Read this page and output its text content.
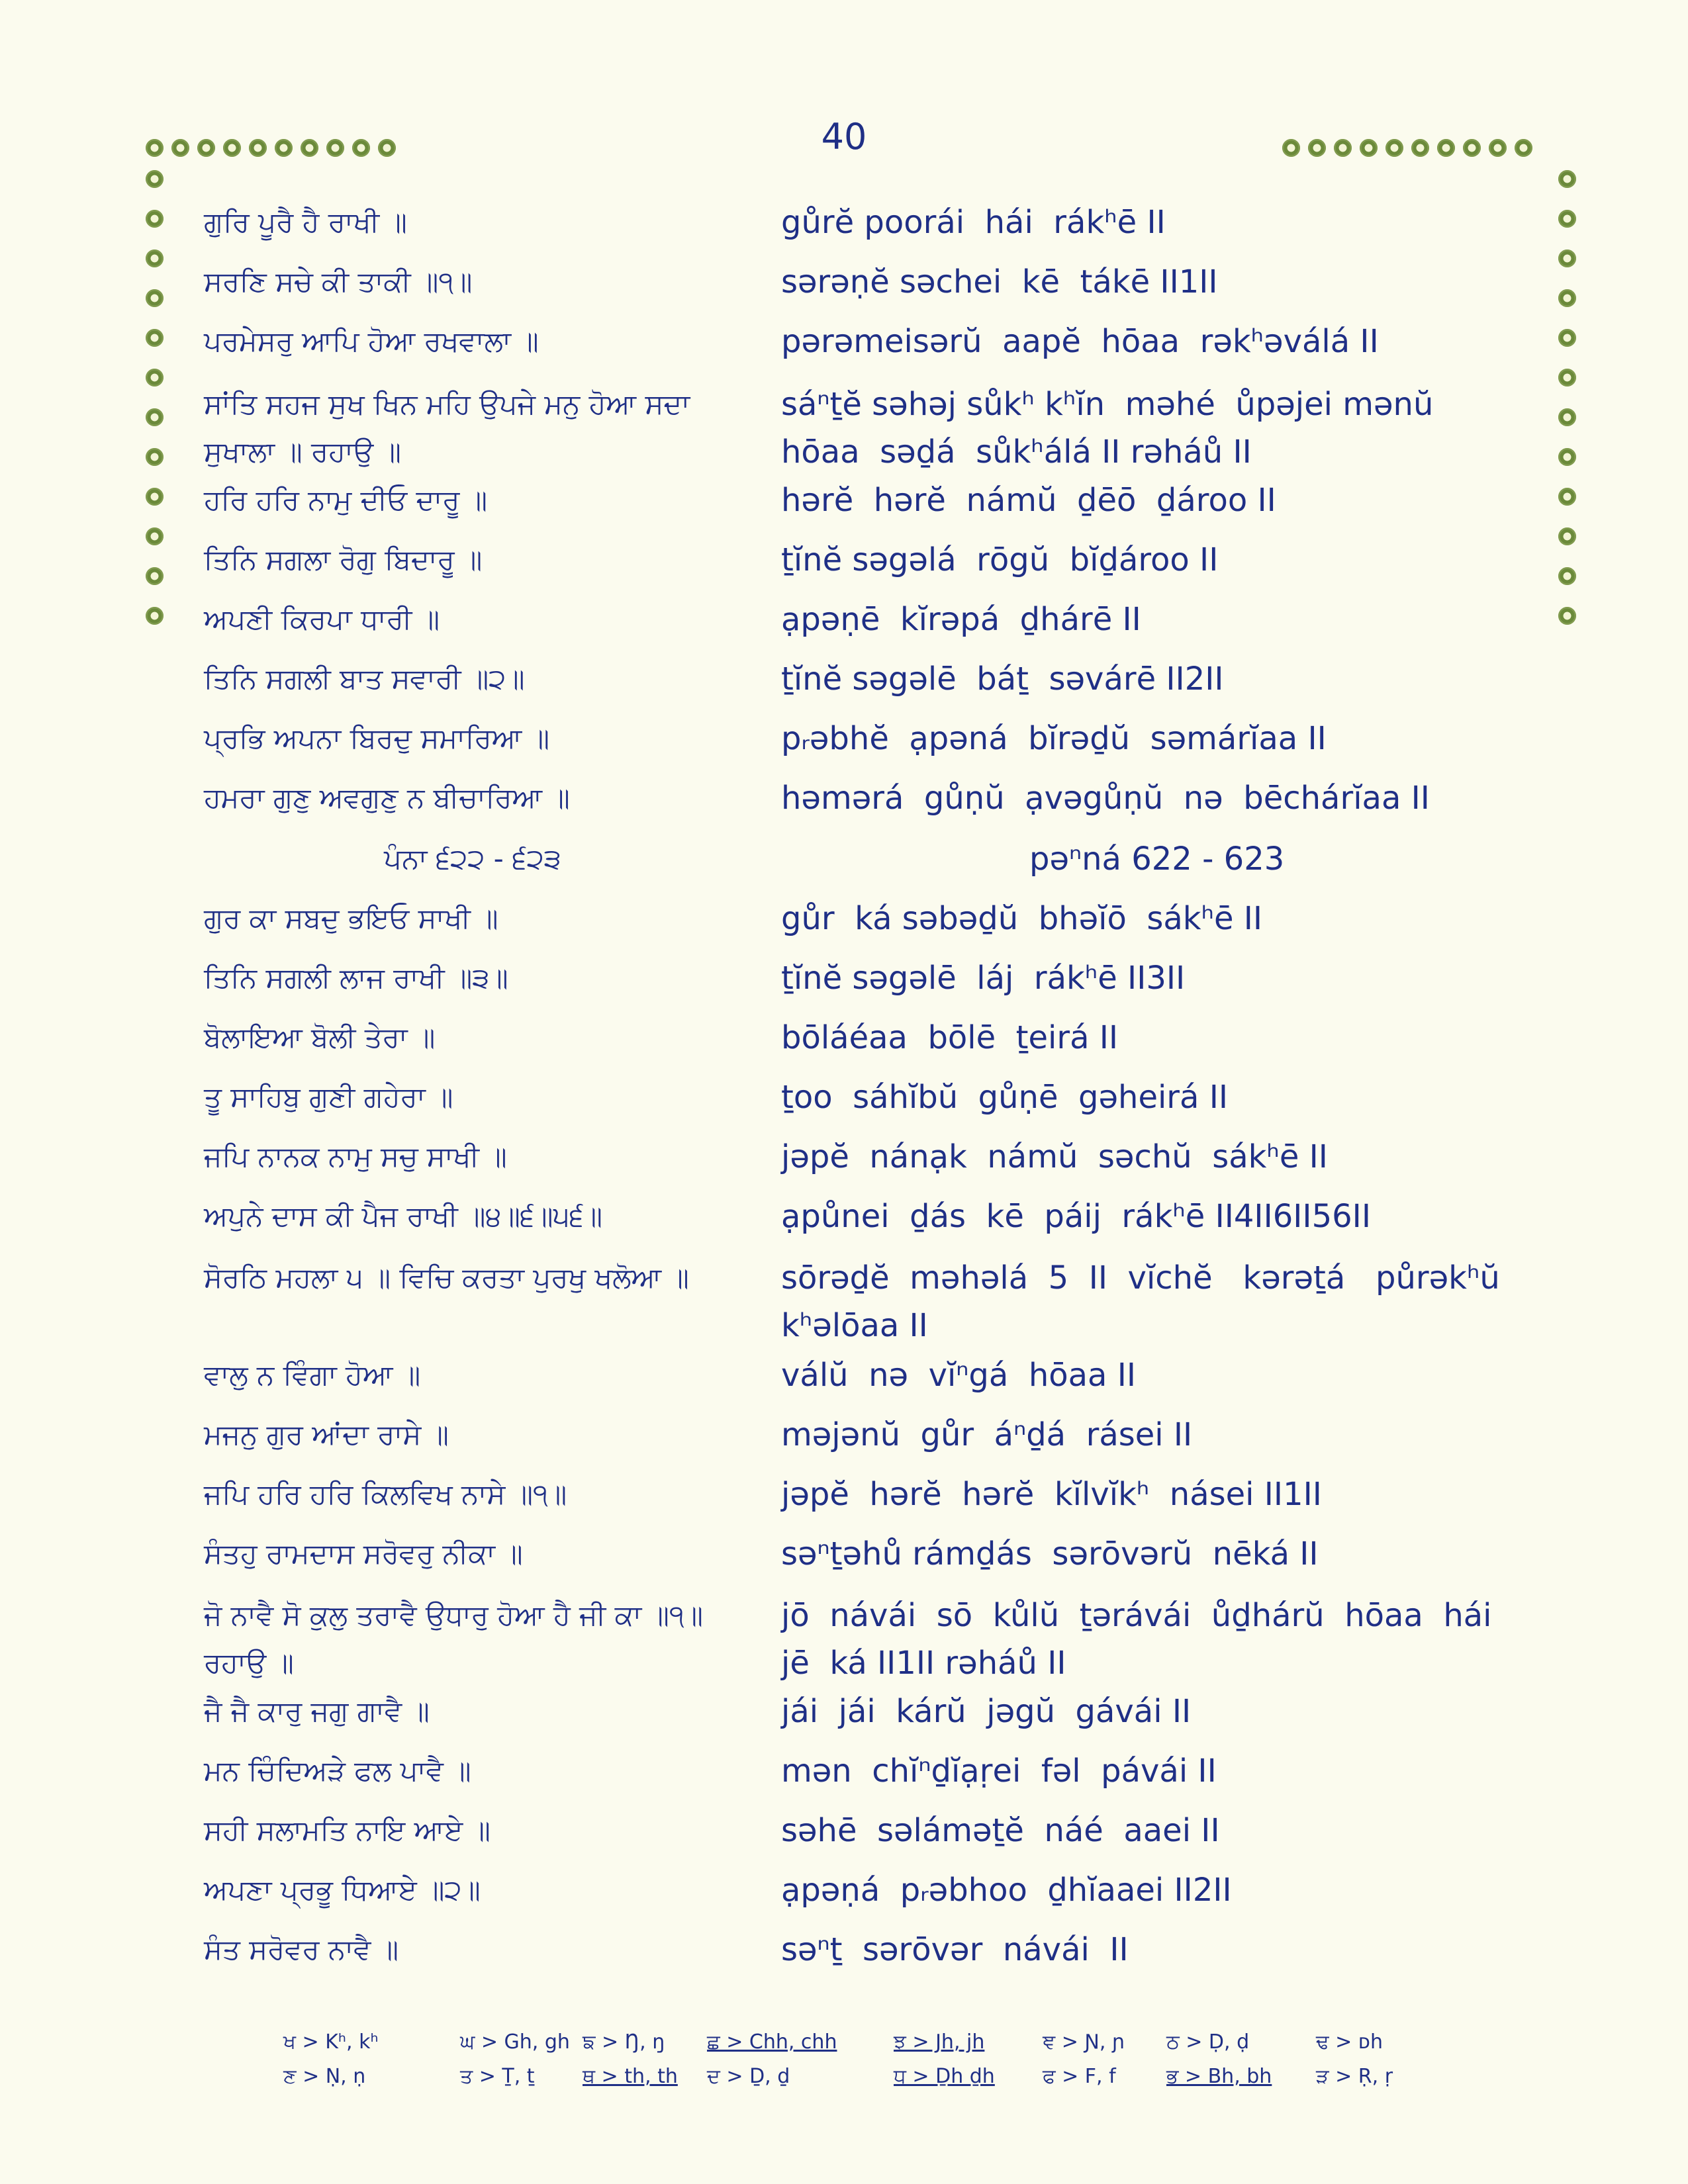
40
ਗੁਰਿ ਪੂਰੈ ਹੈ ਰਾਖੀ ॥	gůrĕ poorái  hái  rákʰē II
ਸਰਣਿ ਸਚੇ ਕੀ ਤਾਕੀ ॥੧॥	sərəṇĕ səchei  kē  tákē II1II
ਪਰਮੇਸਰੁ ਆਪਿ ਹੋਆ ਰਖਵਾਲਾ ॥	pərəmeisərŭ  aapĕ  hōaa  rəkʰəválá II
ਸਾਂਤਿ ਸਹਜ ਸੁਖ ਖਿਨ ਮਹਿ ਉਪਜੇ ਮਨੁ ਹੋਆ ਸਦਾ ਸੁਖਾਲਾ ॥ ਰਹਾਉ ॥
sáⁿṯĕ səhəj sůkʰ kʰĭn  məhé  ůpəjei mənŭ  hōaa  səḏá  sůkʰálá II rəháů II
ਹਰਿ ਹਰਿ ਨਾਮੁ ਦੀਓ ਦਾਰੂ ॥	hərĕ  hərĕ  námŭ  ḏēō  ḏároo II
ਤਿਨਿ ਸਗਲਾ ਰੋਗੁ ਬਿਦਾਰੂ ॥	ṯĭnĕ səgəlá  rōgŭ  bĭḏároo II
ਅਪਣੀ ਕਿਰਪਾ ਧਾਰੀ ॥	ạpəṇē  kĭrəpá  ḏhárē II
ਤਿਨਿ ਸਗਲੀ ਬਾਤ ਸਵਾਰੀ ॥੨॥	ṯĭnĕ səgəlē  báṯ  səvárē II2II
ਪ੍ਰਭਿ ਅਪਨਾ ਬਿਰਦੁ ਸਮਾਰਿਆ ॥	pᵣəbhĕ  ạpəná  bĭrəḏŭ  səmárĭaa II
ਹਮਰਾ ਗੁਣੁ ਅਵਗੁਣੁ ਨ ਬੀਚਾਰਿਆ ॥	həmərá  gůṇŭ  ạvəgůṇŭ  nə  bēchárĭaa II
ਪੰਨਾ ੬੨੨ - ੬੨੩	pəⁿná 622 - 623
ਗੁਰ ਕਾ ਸਬਦੁ ਭਇਓ ਸਾਖੀ ॥	gůr  ká səbəḏŭ  bhəĭō  sákʰē II
ਤਿਨਿ ਸਗਲੀ ਲਾਜ ਰਾਖੀ ॥੩॥	ṯĭnĕ səgəlē  láj  rákʰē II3II
ਬੋਲਾਇਆ ਬੋਲੀ ਤੇਰਾ ॥	bōláéaa  bōlē  ṯeirá II
ਤੂ ਸਾਹਿਬੁ ਗੁਣੀ ਗਹੇਰਾ ॥	ṯoo  sáhĭbŭ  gůṇē  gəheirá II
ਜਪਿ ਨਾਨਕ ਨਾਮੁ ਸਚੁ ਸਾਖੀ ॥	jəpĕ  nánạk  námŭ  səchŭ  sákʰē II
ਅਪੁਨੇ ਦਾਸ ਕੀ ਪੈਜ ਰਾਖੀ ॥੪॥੬॥੫੬॥	ạpůnei  ḏás  kē  páij  rákʰē II4II6II56II
ਸੋਰਠਿ ਮਹਲਾ ੫ ॥ ਵਿਚਿ ਕਰਤਾ ਪੁਰਖੁ ਖਲੋਆ ॥	sōrəḏĕ  məhəlá  5  II  vĭchĕ   kərəṯá   půrəkʰŭ  kʰəlōaa II
ਵਾਲੁ ਨ ਵਿੰਗਾ ਹੋਆ ॥	válŭ  nə  vĭⁿgá  hōaa II
ਮਜਨੁ ਗੁਰ ਆਂਦਾ ਰਾਸੇ ॥	məjənŭ  gůr  áⁿḏá  rásei II
ਜਪਿ ਹਰਿ ਹਰਿ ਕਿਲਵਿਖ ਨਾਸੇ ॥੧॥	jəpĕ  hərĕ  hərĕ  kĭlvĭkʰ  násei II1II
ਸੰਤਹੁ ਰਾਮਦਾਸ ਸਰੋਵਰੁ ਨੀਕਾ ॥	səⁿṯəhů rámḏás  sərōvərŭ  nēká II
ਜੋ ਨਾਵੈ ਸੋ ਕੁਲੁ ਤਰਾਵੈ ਉਧਾਰੁ ਹੋਆ ਹੈ ਜੀ ਕਾ ॥੧॥ ਰਹਾਉ ॥
jō  návái  sō  kůlŭ  ṯərávái  ůḏhárŭ  hōaa  hái  jē  ká II1II rəháů II
ਜੈ ਜੈ ਕਾਰੁ ਜਗੁ ਗਾਵੈ ॥	jái  jái  kárŭ  jəgŭ  gávái II
ਮਨ ਚਿੰਦਿਅੜੇ ਫਲ ਪਾਵੈ ॥	mən  chĭⁿḏĭạṛei  fəl  pávái II
ਸਹੀ ਸਲਾਮਤਿ ਨਾਇ ਆਏ ॥	səhē  səláməṯĕ  náé  aaei II
ਅਪਣਾ ਪ੍ਰਭੂ ਧਿਆਏ ॥੨॥	ạpəṇá  pᵣəbhoo  ḏhĭaaei II2II
ਸੰਤ ਸਰੋਵਰ ਨਾਵੈ ॥	səⁿṯ  sərōvər  návái  II
ਖ > Kʰ, kʰ	ਘ > Gh, gh ਙ > Ŋ, ŋ ਛ > Chh, chh	ਝ > Jh, jh	ਞ > Ɲ, ɲ ਠ > Ḍ, ḍ	ਢ > ᴅh
ਣ > Ṇ, ṇ	ਤ > Ṯ, ṯ ਥ > th, th ਦ > Ḏ, ḏ	ਧ > Ḏh ḏh ਫ > F, f	ਭ > Bh, bh ੜ > Ṛ, ṛ
